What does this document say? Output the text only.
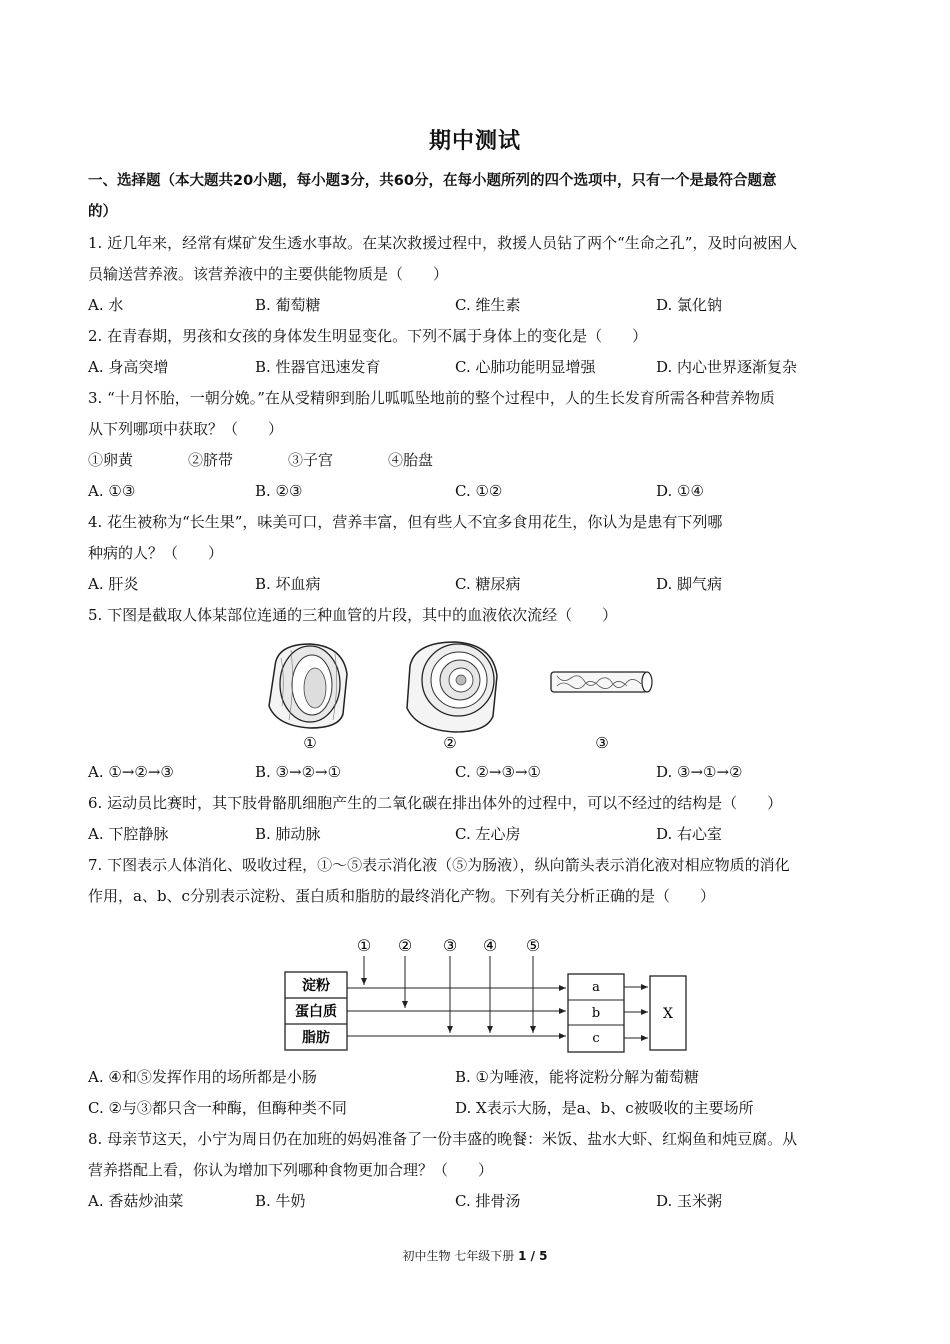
期中测试
一、选择题（本大题共20小题，每小题3分，共60分，在每小题所列的四个选项中，只有一个是最符合题意
的）
1. 近几年来，经常有煤矿发生透水事故。在某次救援过程中，救援人员钻了两个“生命之孔”，及时向被困人
员输送营养液。该营养液中的主要供能物质是（　　）
A. 水	B. 葡萄糖	C. 维生素	D. 氯化钠
2. 在青春期，男孩和女孩的身体发生明显变化。下列不属于身体上的变化是（　　）
A. 身高突增	B. 性器官迅速发育	C. 心肺功能明显增强	D. 内心世界逐渐复杂
3. “十月怀胎，一朝分娩。”在从受精卵到胎儿呱呱坠地前的整个过程中，人的生长发育所需各种营养物质
从下列哪项中获取？（　　）
①卵黄	②脐带	③子宫	④胎盘
A. ①③	B. ②③	C. ①②	D. ①④
4. 花生被称为“长生果”，味美可口，营养丰富，但有些人不宜多食用花生，你认为是患有下列哪
种病的人？（　　）
A. 肝炎	B. 坏血病	C. 糖尿病	D. 脚气病
5. 下图是截取人体某部位连通的三种血管的片段，其中的血液依次流经（　　）
①	②	③
A. ①→②→③	B. ③→②→①	C. ②→③→①	D. ③→①→②
6. 运动员比赛时，其下肢骨骼肌细胞产生的二氧化碳在排出体外的过程中，可以不经过的结构是（　　）
A. 下腔静脉	B. 肺动脉	C. 左心房	D. 右心室
7. 下图表示人体消化、吸收过程，①～⑤表示消化液（⑤为肠液），纵向箭头表示消化液对相应物质的消化
作用，a、b、c分别表示淀粉、蛋白质和脂肪的最终消化产物。下列有关分析正确的是（　　）
淀粉
蛋白质
脂肪
① ② ③ ④ ⑤
a
b
c
X
A. ④和⑤发挥作用的场所都是小肠	B. ①为唾液，能将淀粉分解为葡萄糖
C. ②与③都只含一种酶，但酶种类不同	D. X表示大肠，是a、b、c被吸收的主要场所
8. 母亲节这天，小宁为周日仍在加班的妈妈准备了一份丰盛的晚餐：米饭、盐水大虾、红焖鱼和炖豆腐。从
营养搭配上看，你认为增加下列哪种食物更加合理？（　　）
A. 香菇炒油菜	B. 牛奶	C. 排骨汤	D. 玉米粥
初中生物 七年级下册 1 / 5
